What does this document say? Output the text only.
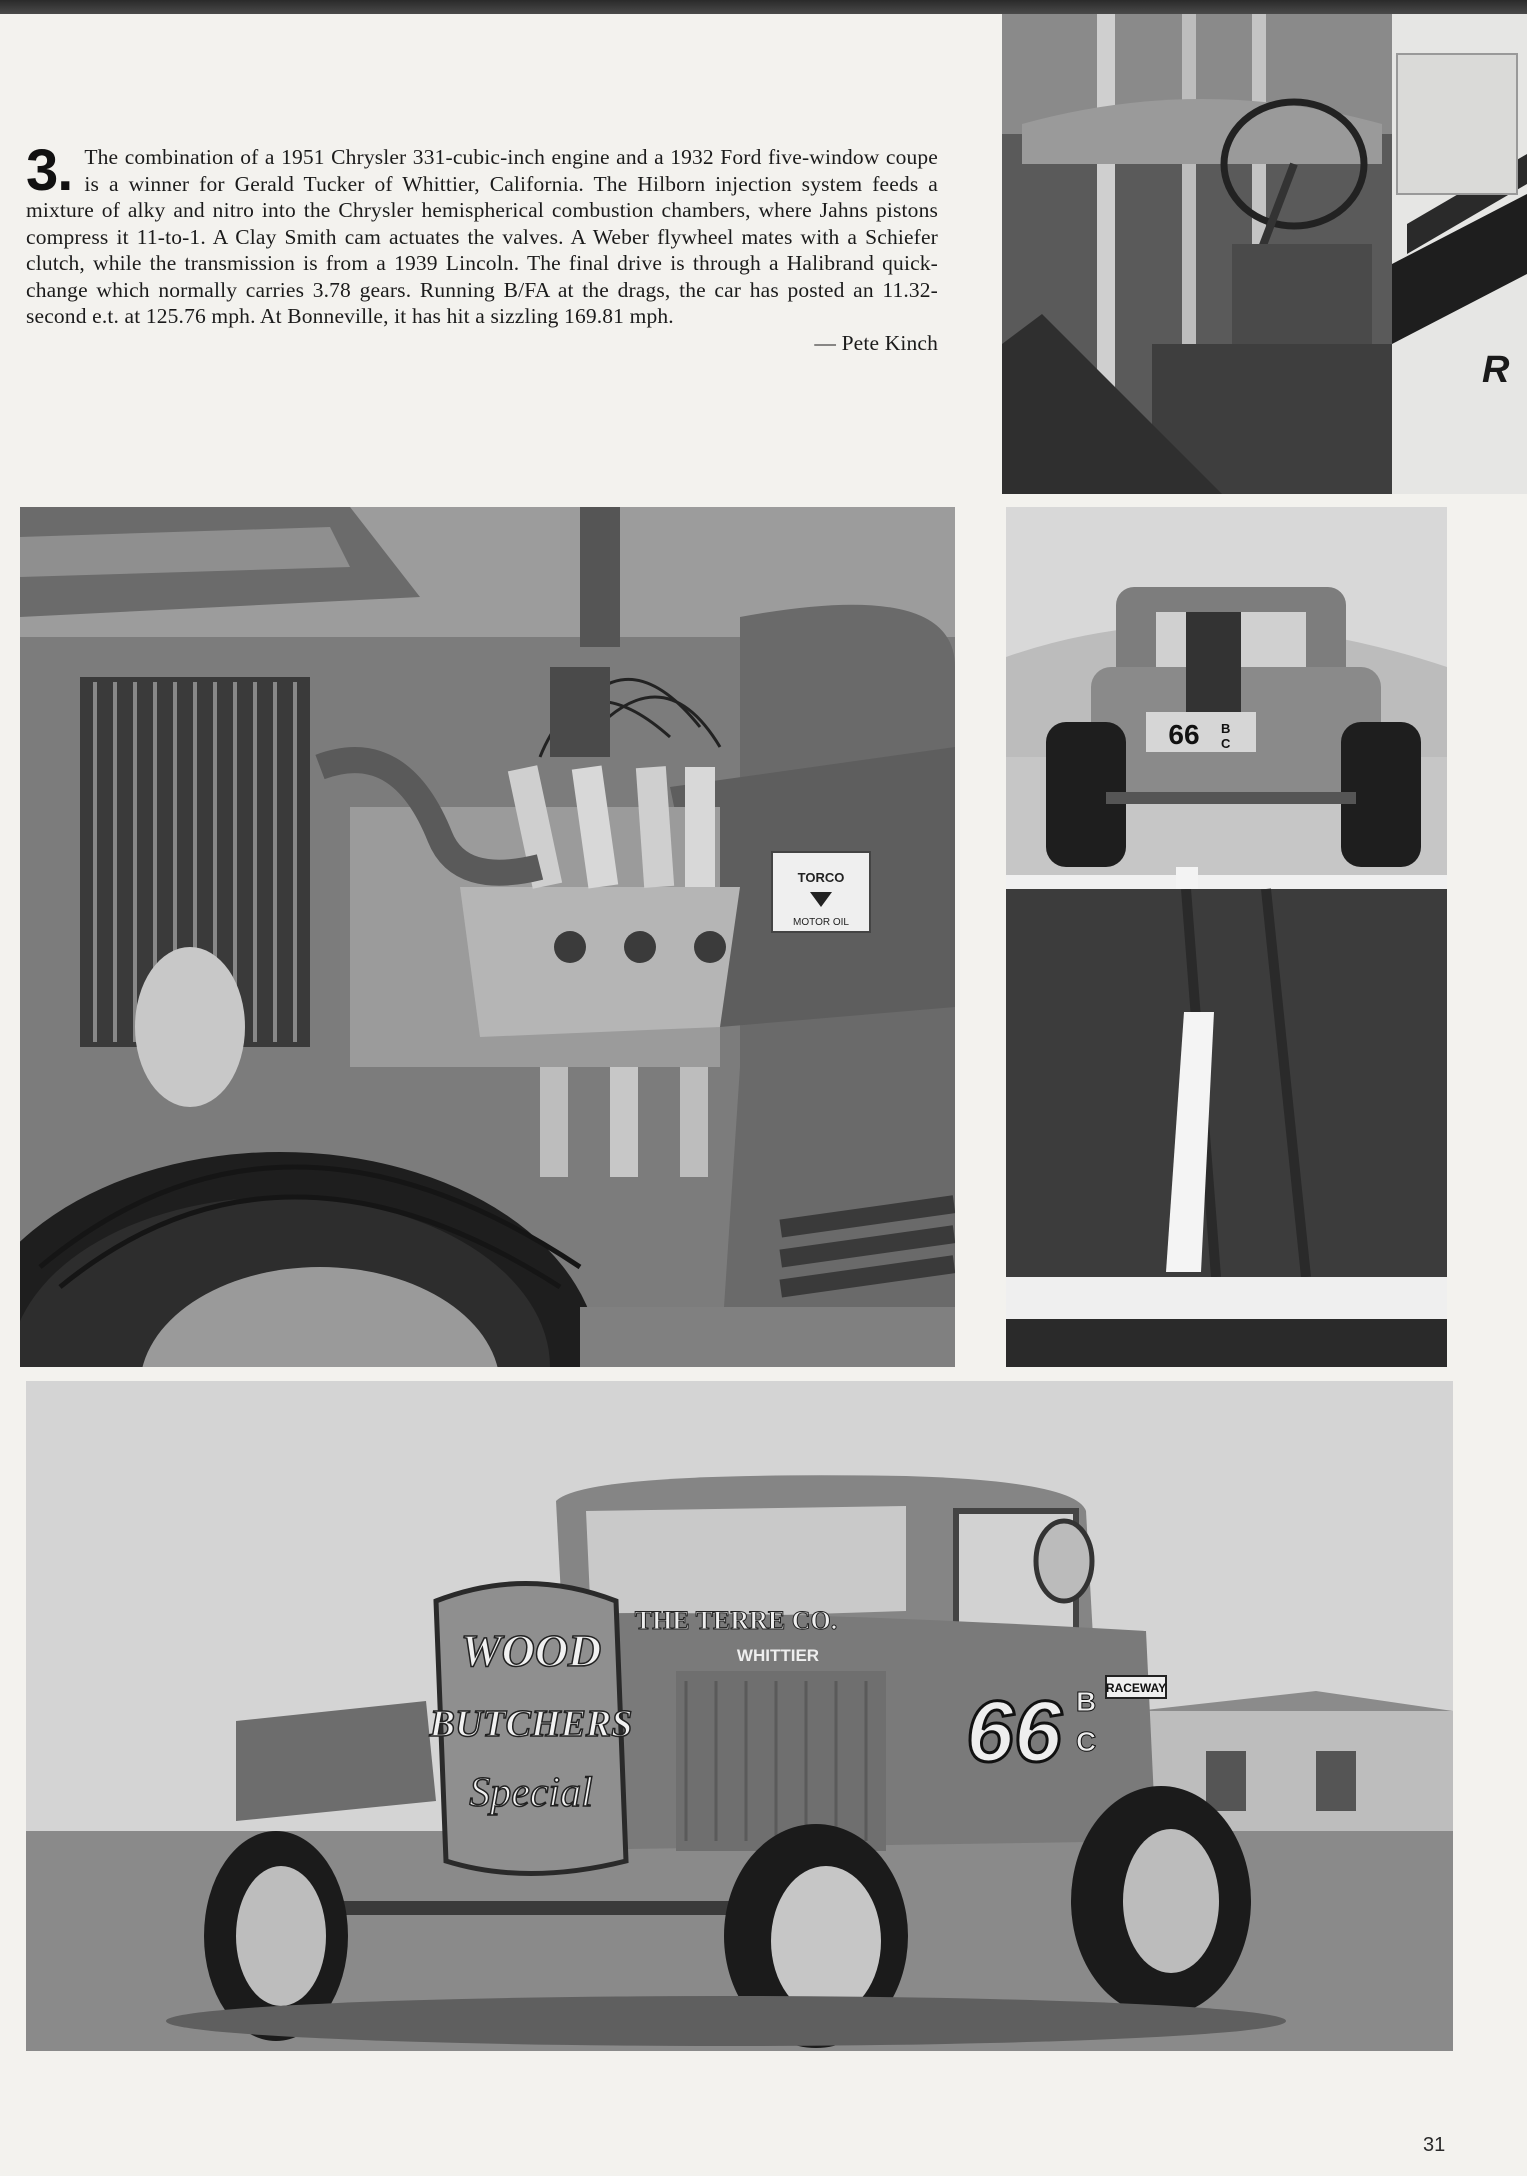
3. The combination of a 1951 Chrysler 331-cubic-inch engine and a 1932 Ford five-window coupe is a winner for Gerald Tucker of Whittier, California. The Hilborn injection system feeds a mixture of alky and nitro into the Chrysler hemispherical combustion chambers, where Jahns pistons compress it 11-to-1. A Clay Smith cam actuates the valves. A Weber flywheel mates with a Schiefer clutch, while the transmission is from a 1939 Lincoln. The final drive is through a Halibrand quick-change which normally carries 3.78 gears. Running B/FA at the drags, the car has posted an 11.32-second e.t. at 125.76 mph. At Bonneville, it has hit a sizzling 169.81 mph.
— Pete Kinch
R
TORCO
MOTOR OIL
66 B
C
WOOD
BUTCHERS
Special
THE TERRE CO.
WHITTIER
66 B
C
RACEWAY
31
